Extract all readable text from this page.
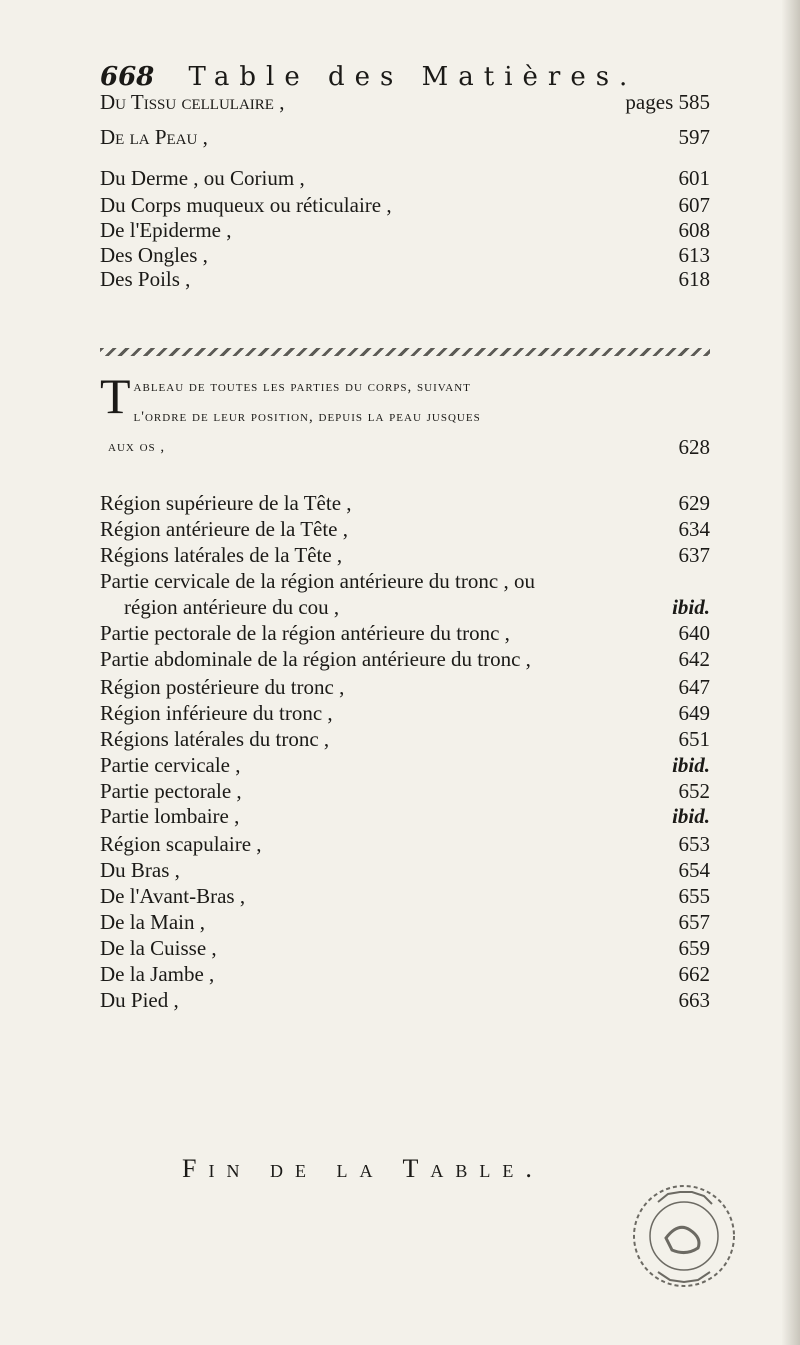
668 Table des Matières.
Du Tissu cellulaire ,	pages 585
De la Peau ,	597
Du Derme , ou Corium ,	601
Du Corps muqueux ou réticulaire ,	607
De l'Epiderme ,	608
Des Ongles ,	613
Des Poils ,	618
T ableau de toutes les parties du corps, suivant
l'ordre de leur position, depuis la peau jusques
aux os ,	628
Région supérieure de la Tête ,	629
Région antérieure de la Tête ,	634
Régions latérales de la Tête ,	637
Partie cervicale de la région antérieure du tronc , ou
région antérieure du cou ,	ibid.
Partie pectorale de la région antérieure du tronc ,	640
Partie abdominale de la région antérieure du tronc ,	642
Région postérieure du tronc ,	647
Région inférieure du tronc ,	649
Régions latérales du tronc ,	651
Partie cervicale ,	ibid.
Partie pectorale ,	652
Partie lombaire ,	ibid.
Région scapulaire ,	653
Du Bras ,	654
De l'Avant-Bras ,	655
De la Main ,	657
De la Cuisse ,	659
De la Jambe ,	662
Du Pied ,	663
Fin de la Table.
